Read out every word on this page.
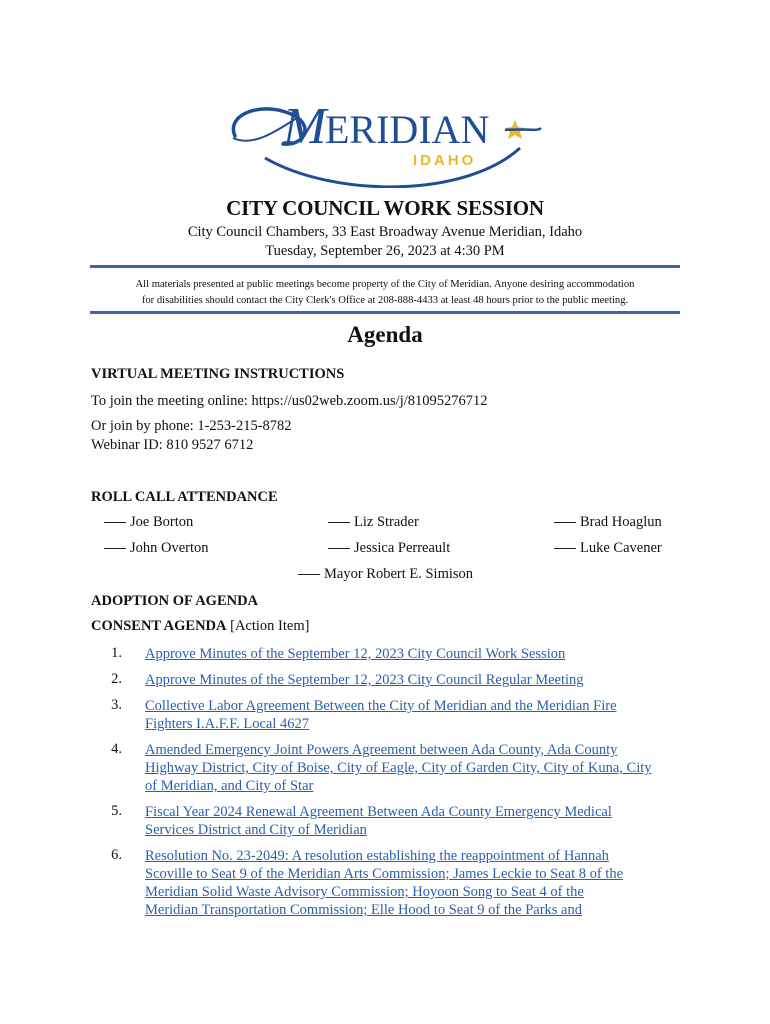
M
ERIDIAN
IDAHO
CITY COUNCIL WORK SESSION
City Council Chambers, 33 East Broadway Avenue Meridian, Idaho
Tuesday, September 26, 2023 at 4:30 PM
All materials presented at public meetings become property of the City of Meridian. Anyone desiring accommodation
for disabilities should contact the City Clerk's Office at 208-888-4433 at least 48 hours prior to the public meeting.
Agenda
VIRTUAL MEETING INSTRUCTIONS
To join the meeting online: https://us02web.zoom.us/j/81095276712
Or join by phone: 1-253-215-8782
Webinar ID: 810 9527 6712
ROLL CALL ATTENDANCE
Joe Borton	Liz Strader	Brad Hoaglun
John Overton	Jessica Perreault	Luke Cavener
Mayor Robert E. Simison
ADOPTION OF AGENDA
CONSENT AGENDA [Action Item]
1. Approve Minutes of the September 12, 2023 City Council Work Session
2. Approve Minutes of the September 12, 2023 City Council Regular Meeting
3. Collective Labor Agreement Between the City of Meridian and the Meridian Fire
Fighters I.A.F.F. Local 4627
4. Amended Emergency Joint Powers Agreement between Ada County, Ada County
Highway District, City of Boise, City of Eagle, City of Garden City, City of Kuna, City
of Meridian, and City of Star
5. Fiscal Year 2024 Renewal Agreement Between Ada County Emergency Medical
Services District and City of Meridian
6. Resolution No. 23-2049: A resolution establishing the reappointment of Hannah
Scoville to Seat 9 of the Meridian Arts Commission; James Leckie to Seat 8 of the
Meridian Solid Waste Advisory Commission; Hoyoon Song to Seat 4 of the
Meridian Transportation Commission; Elle Hood to Seat 9 of the Parks and
